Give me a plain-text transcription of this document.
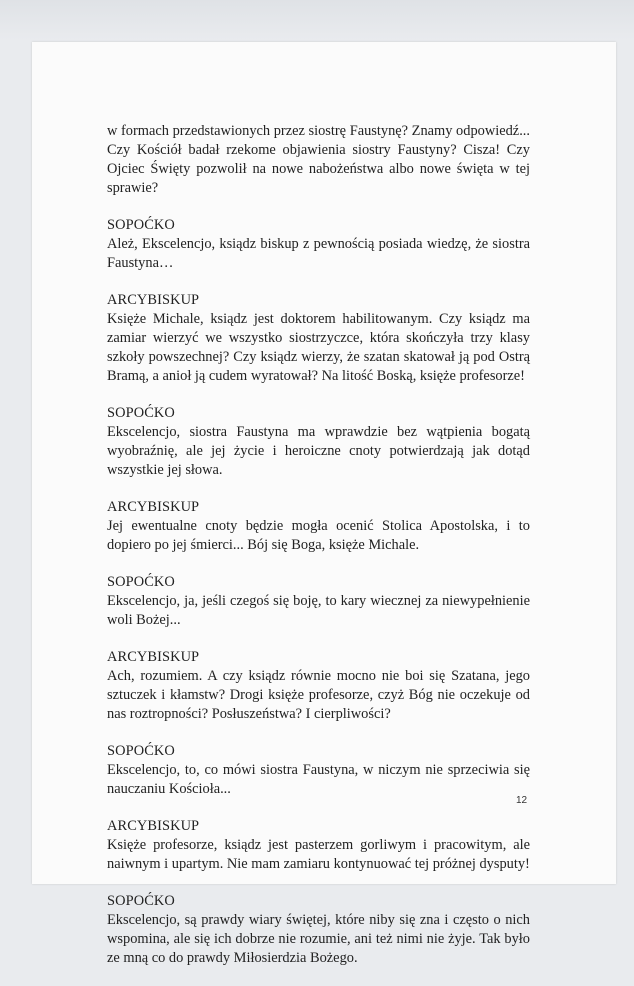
w formach przedstawionych przez siostrę Faustynę? Znamy odpowiedź... Czy Kościół badał rzekome objawienia siostry Faustyny? Cisza! Czy Ojciec Święty pozwolił na nowe nabożeństwa albo nowe święta w tej sprawie?
SOPOĆKO
Ależ, Ekscelencjo, ksiądz biskup z pewnością posiada wiedzę, że siostra Faustyna…
ARCYBISKUP
Księże Michale, ksiądz jest doktorem habilitowanym. Czy ksiądz ma zamiar wierzyć we wszystko siostrzyczce, która skończyła trzy klasy szkoły powszechnej? Czy ksiądz wierzy, że szatan skatował ją pod Ostrą Bramą, a anioł ją cudem wyratował? Na litość Boską, księże profesorze!
SOPOĆKO
Ekscelencjo, siostra Faustyna ma wprawdzie bez wątpienia bogatą wyobraźnię, ale jej życie i heroiczne cnoty potwierdzają jak dotąd wszystkie jej słowa.
ARCYBISKUP
Jej ewentualne cnoty będzie mogła ocenić Stolica Apostolska, i to dopiero po jej śmierci... Bój się Boga, księże Michale.
SOPOĆKO
Ekscelencjo, ja, jeśli czegoś się boję, to kary wiecznej za niewypełnienie woli Bożej...
ARCYBISKUP
Ach, rozumiem. A czy ksiądz równie mocno nie boi się Szatana, jego sztuczek i kłamstw? Drogi księże profesorze, czyż Bóg nie oczekuje od nas roztropności? Posłuszeństwa? I cierpliwości?
SOPOĆKO
Ekscelencjo, to, co mówi siostra Faustyna, w niczym nie sprzeciwia się nauczaniu Kościoła...
ARCYBISKUP
Księże profesorze, ksiądz jest pasterzem gorliwym i pracowitym, ale naiwnym i upartym. Nie mam zamiaru kontynuować tej próżnej dysputy!
SOPOĆKO
Ekscelencjo, są prawdy wiary świętej, które niby się zna i często o nich wspomina, ale się ich dobrze nie rozumie, ani też nimi nie żyje. Tak było ze mną co do prawdy Miłosierdzia Bożego.
12
